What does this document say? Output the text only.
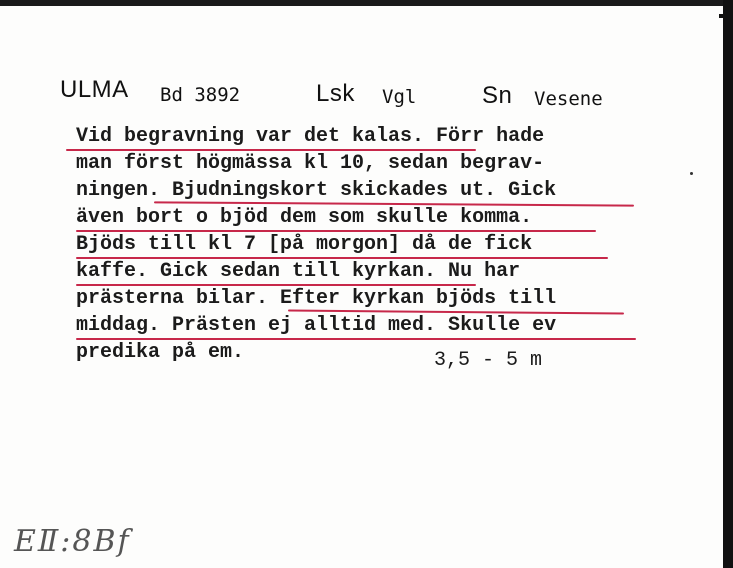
ULMA Bd 3892	Lsk Vgl	Sn Vesene
Vid begravning var det kalas. Förr hade
man först högmässa kl 10, sedan begrav-
ningen. Bjudningskort skickades ut. Gick
även bort o bjöd dem som skulle komma.
Bjöds till kl 7 [på morgon] då de fick
kaffe. Gick sedan till kyrkan. Nu har
prästerna bilar. Efter kyrkan bjöds till
middag. Prästen ej alltid med. Skulle ev
predika på em.	3,5 - 5 m
EⅡ:8Bf
